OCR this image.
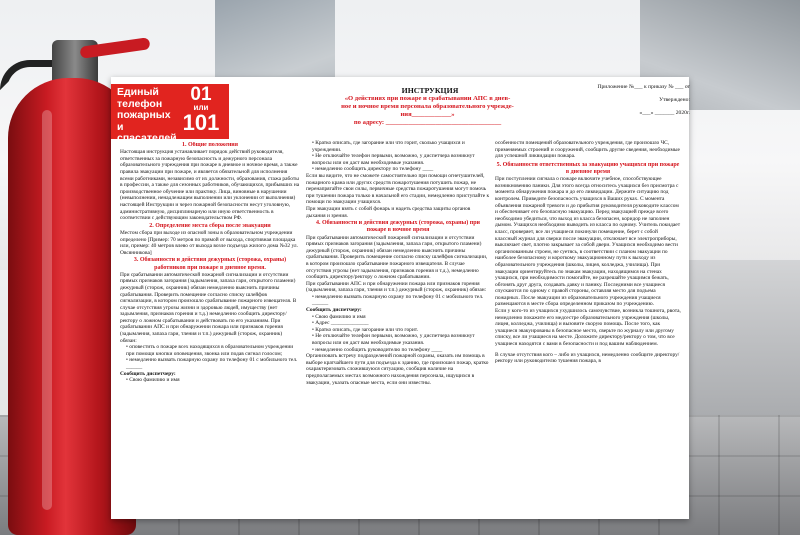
Единый телефон пожарных и спасателей
01
или
101
ИНСТРУКЦИЯ
«О действиях при пожаре и срабатывании АПС в днев-
ное и ночное время персонала образовательного учрежде-
ния____________»
по адресу: ___________________________________
Приложение №___ к приказу № ___ от
Утверждено:
«___» _______ 2020г.
1. Общие положения

Настоящая инструкция устанавливает порядок действий руководителя, ответственных за пожарную безопасность и дежурного персонала образовательного учреждения при пожаре в дневное и ночное время, а также правила эвакуации при пожаре, и является обязательной для исполнения всеми работниками, независимо от их должности, образования, стажа работы в профессии, а также для сезонных работников, обучающихся, прибывших на производственное обучение или практику. Лица, виновные в нарушении (невыполнении, ненадлежащем выполнении или уклонении от выполнения) настоящей Инструкции и через пожарной безопасности несут уголовную, административную, дисциплинарную или иную ответственность в соответствии с действующим законодательством РФ.

2. Определение места сбора после эвакуации

Местом сбора при выходе из опасной зоны в образовательном учреждении определено [Пример: 70 метров по прямой от выхода, спортивная площадка или, пример: 40 метров влево от выхода возле подъезда жилого дома №32 ул. Овсянникова]

3. Обязанности и действия дежурных (сторожа, охраны) работников при пожаре в дневное время.

При срабатывании автоматической пожарной сигнализации и отсутствии прямых признаков загорания (задымления, запаха гари, открытого пламени) дежурный (сторож, охранник) обязан немедленно выяснить причины срабатывания. Проверить помещение согласно списку шлейфов сигнализации, в котором произошло срабатывание пожарного извещателя. В случае отсутствия угрозы жизни и здоровью людей, имуществу (нет задымления, признаков горения и т.д.) немедленно сообщить директору/ректору о ложном срабатывании и действовать по его указаниям. При срабатывании АПС и при обнаружении пожара или признаков горения (задымления, запаха гари, тления и т.п.) дежурный (сторож, охранник) обязан:

• оповестить о пожаре всех находящихся в образовательном учреждении при помощи кнопки оповещения, звонка или подав сигнал голосом;

• немедленно вызвать пожарную охрану по телефону 01 с мобильного тел. ______

Сообщить диспетчеру:

• Свою фамилию и имя

• Кратко описать, где загорание или что горит, сколько учащихся и учреждении.

• Не отключайте телефон первыми, возможно, у диспетчера возникнут вопросы или он даст вам необходимые указания.

• немедленно сообщить директору по телефону ____

Если вы видите, что не сможете самостоятельно при помощи огнетушителей, пожарного крана или других средств пожаротушения потушить пожар, не перенапрягайте свои силы, первичные средства пожаротушения могут помочь при тушении пожара только в начальной его стадии, немедленно приступайте к помощи по эвакуации учащихся.

При эвакуации взять с собой фонарь и надеть средства защиты органов дыхания и зрения.

4. Обязанности и действия дежурных (сторожа, охраны) при пожаре в ночное время

При срабатывании автоматической пожарной сигнализации и отсутствии прямых признаков загорания (задымления, запаха гари, открытого пламени) дежурный (сторож, охранник) обязан немедленно выяснить причины срабатывания. Проверить помещение согласно списку шлейфов сигнализации, в котором произошло срабатывание пожарного извещателя. В случае отсутствия угрозы (нет задымления, признаков горения и т.д.), немедленно сообщить директору/ректору о ложном срабатывании.

При срабатывании АПС и при обнаружении пожара или признаков горения (задымления, запаха гари, тления и т.п.) дежурный (сторож, охранник) обязан:

• немедленно вызвать пожарную охрану по телефону 01 с мобильного тел. ______

Сообщить диспетчеру:

• Свою фамилию и имя

• Адрес ______________

• Кратко описать, где загорание или что горит.

• Не отключайте телефон первыми, возможно, у диспетчера возникнут вопросы или он даст вам необходимые указания.

• немедленно сообщить руководителю по телефону ____

Организовать встречу подразделений пожарной охраны, оказать им помощь в выборе кратчайшего пути для подъезда к зданию, где произошел пожар, кратко охарактеризовать сложившуюся ситуацию, сообщив наличие на предполагаемых местах возможного нахождения персонала, ищущихся в эвакуации, указать опасные места, если они известны.

особенности помещений образовательного учреждения, где произошло ЧС, применяемых строений и сооружений, сообщить другие сведения, необходимые для успешной ликвидации пожара.

5. Обязанности ответственных за эвакуацию учащихся при пожаре в дневное время

При поступлении сигнала о пожаре включите учебное, способствующее возникновению паники. Для этого всегда относитесь учащихся без присмотра с момента обнаружения пожара и до его ликвидации. Держите ситуацию под контролем. Приведите безопасность учащихся в Ваших руках. С момента объявления пожарной тревоги и до прибытия руководителя руководите классом и обеспечивает его безопасную эвакуацию. Перед эвакуацией прежде всего необходимо убедиться, что выход из класса безопасен, коридор не заполнен дымом. Учащихся необходимо выводить из класса по одному. Учитель покидает класс, проверяет, все ли учащиеся покинули помещение, берет с собой классный журнал для сверки после эвакуации, отключает все электроприборы, выключает свет, плотно закрывает за собой двери. Учащихся необходимо вести организованным строем, не суетясь, в соответствии с планом эвакуации по наиболее безопасному и короткому эвакуационному пути к выходу из образовательного учреждения (школы, лицея, колледжа, училища). При эвакуации ориентируйтесь по знакам эвакуации, находящимся на стенах учащихся, при необходимости помогайте, не разрешайте учащимся бежать, обгонять друг друга, создавать давку и панику. Последними все учащиеся спускаются по одному с правой стороны, оставляя место для подъема пожарных. После эвакуации из образовательного учреждения учащиеся размещаются в месте сбора определенном приказом по учреждению.

Если у кого-то из учащихся ухудшилось самочувствие, возникла тошнота, рвота, немедленно покажите его медсестре образовательного учреждения (школы, лицея, колледжа, училища) и вызовите скорую помощь. После того, как учащиеся эвакуированы в безопасное место, сверьте по журналу или другому списку, все ли учащиеся на месте. Доложите директору/ректору о том, что все учащиеся находятся с вами в безопасности и под вашим наблюдением.

В случае отсутствия кого – либо из учащихся, немедленно сообщите директору/ректору или руководителю тушения пожара, в
